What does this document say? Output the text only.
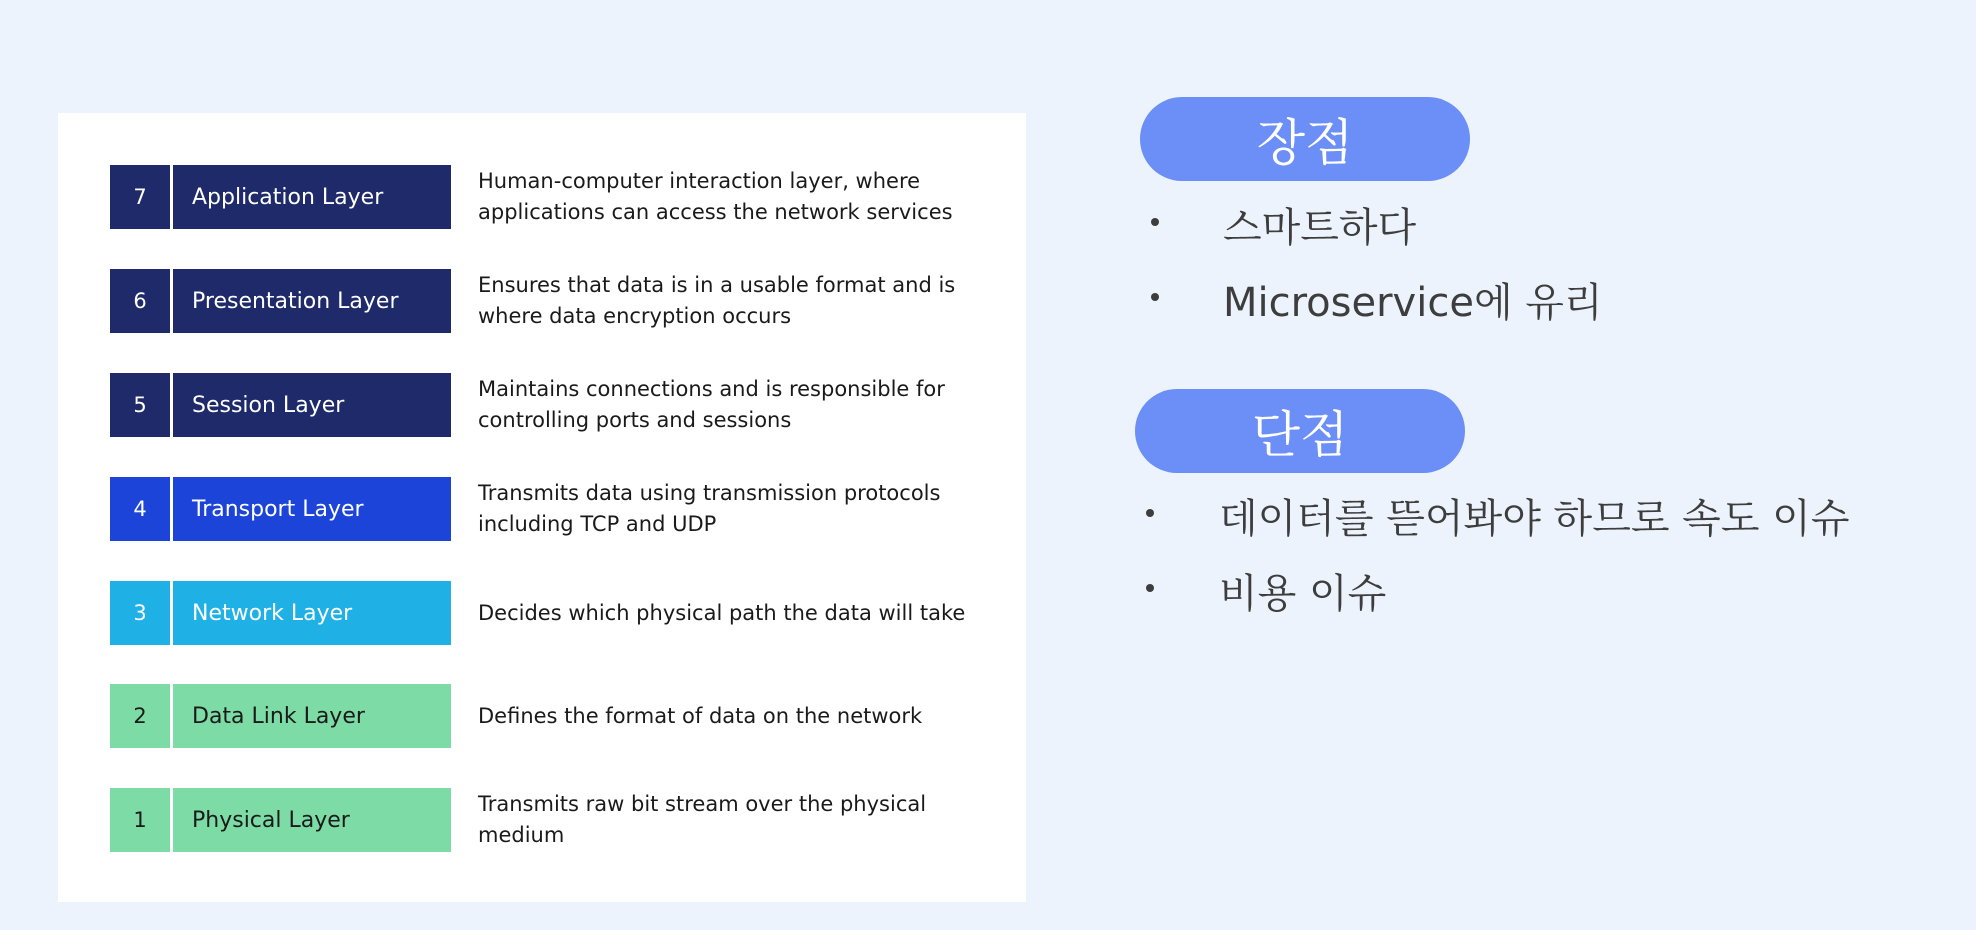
7	Application Layer
Human-computer interaction layer, where
applications can access the network services
6	Presentation Layer
Ensures that data is in a usable format and is
where data encryption occurs
5	Session Layer
Maintains connections and is responsible for
controlling ports and sessions
4	Transport Layer
Transmits data using transmission protocols
including TCP and UDP
3	Network Layer	Decides which physical path the data will take
2	Data Link Layer	Defines the format of data on the network
1	Physical Layer
Transmits raw bit stream over the physical
medium
장점
스마트하다
Microservice에 유리
단점
데이터를 뜯어봐야 하므로 속도 이슈
비용 이슈
